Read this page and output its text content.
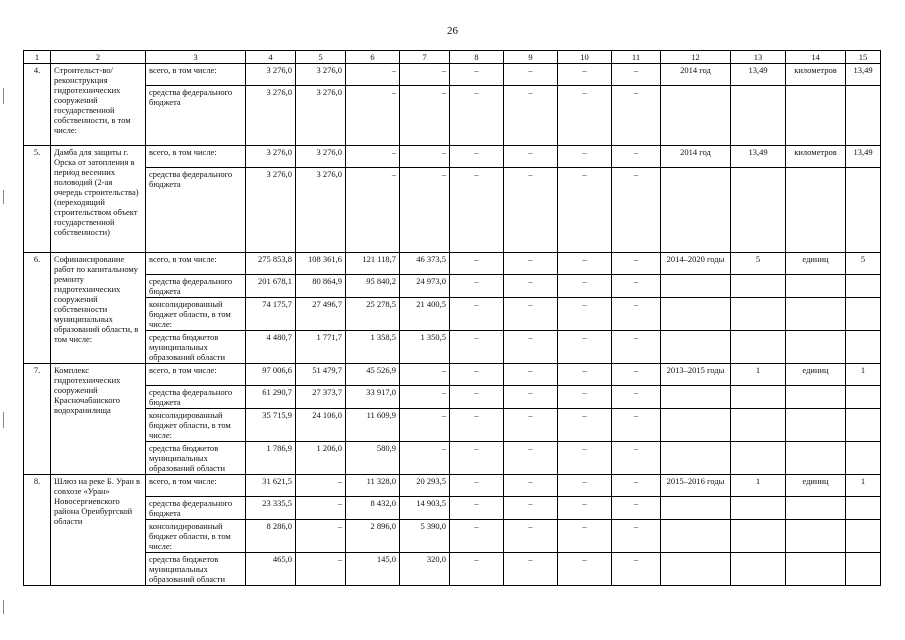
26
1	2	3	4	5	6	7	8	9	10	11	12	13	14	15
4.	Строительст-во/реконструкция гидротехнических сооружений государственной собственности, в том числе:	всего, в том числе:	3 276,0	3 276,0	–	–	–	–	–	–	2014 год	13,49	километров	13,49
		средства федерального бюджета	3 276,0	3 276,0	–	–	–	–	–	–				
5.	Дамба для защиты г. Орска от затопления в период весенних половодий (2-ая очередь строительства) (переходящий строительством объект государственной собственности)	всего, в том числе:	3 276,0	3 276,0	–	–	–	–	–	–	2014 год	13,49	километров	13,49
		средства федерального бюджета	3 276,0	3 276,0	–	–	–	–	–	–				
6.	Софинансирование работ по капитальному ремонту гидротехнических сооружений собственности муниципальных образований области, в том числе:	всего, в том числе:	275 853,8	108 361,6	121 118,7	46 373,5	–	–	–	–	2014–2020 годы	5	единиц	5
		средства федерального бюджета	201 678,1	80 864,9	95 840,2	24 973,0	–	–	–	–				
		консолидированный бюджет области, в том числе:	74 175,7	27 496,7	25 278,5	21 400,5	–	–	–	–				
		средства бюджетов муниципальных образований области	4 480,7	1 771,7	1 358,5	1 350,5	–	–	–	–				
7.	Комплекс гидротехнических сооружений Красночабанского водохранилища	всего, в том числе:	97 006,6	51 479,7	45 526,9	–	–	–	–	–	2013–2015 годы	1	единиц	1
		средства федерального бюджета	61 290,7	27 373,7	33 917,0	–	–	–	–	–				
		консолидированный бюджет области, в том числе:	35 715,9	24 106,0	11 609,9	–	–	–	–	–				
		средства бюджетов муниципальных образований области	1 786,9	1 206,0	580,9	–	–	–	–	–				
8.	Шлюз на реке Б. Уран в совхозе «Уран» Новосергиевского района Оренбургской области	всего, в том числе:	31 621,5	–	11 328,0	20 293,5	–	–	–	–	2015–2016 годы	1	единиц	1
		средства федерального бюджета	23 335,5	–	8 432,0	14 903,5	–	–	–	–				
		консолидированный бюджет области, в том числе:	8 286,0	–	2 896,0	5 390,0	–	–	–	–				
		средства бюджетов муниципальных образований области	465,0	–	145,0	320,0	–	–	–	–				
